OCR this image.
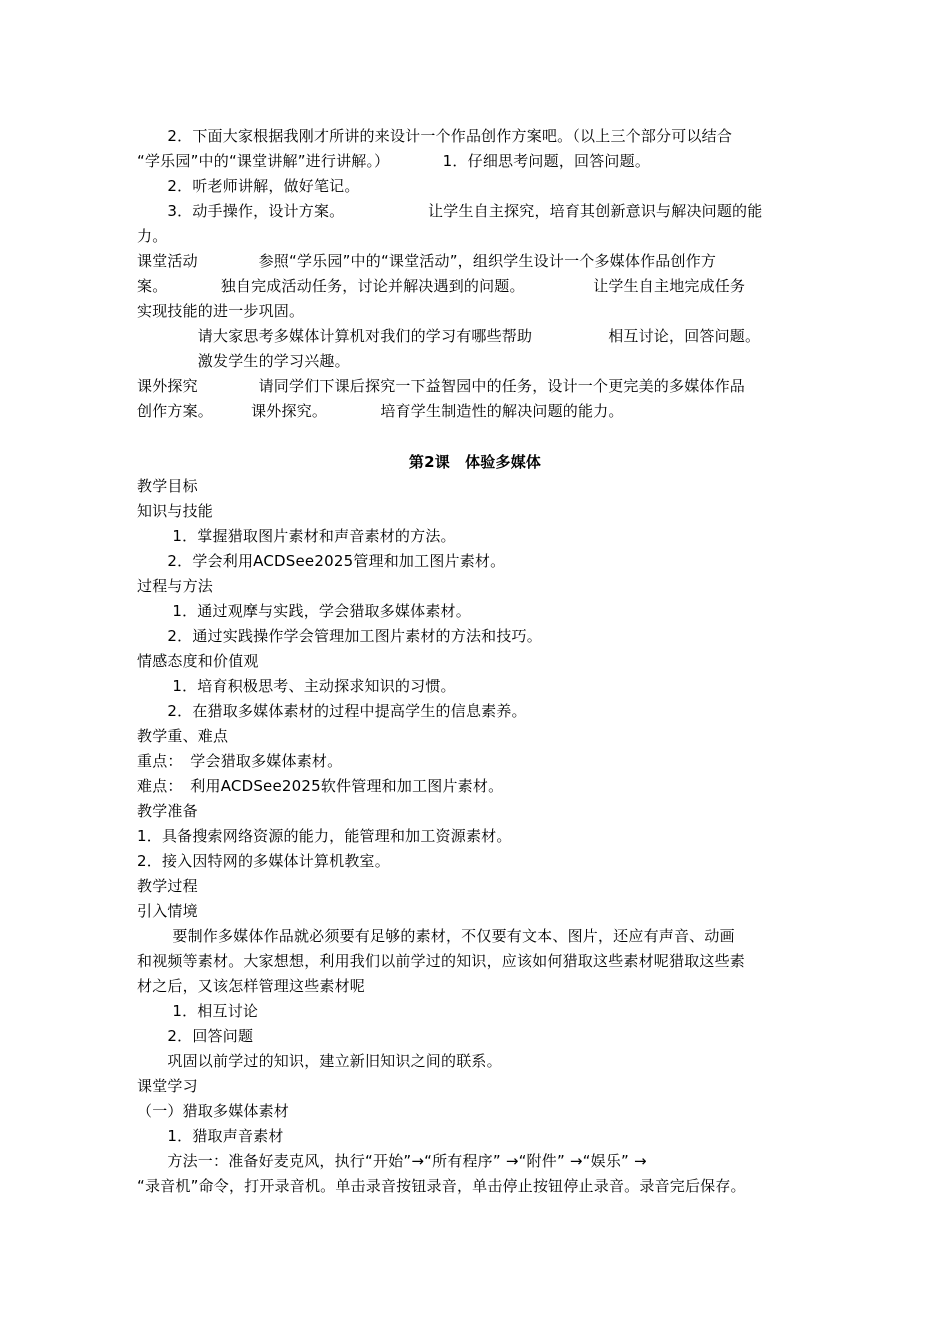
　　2．下面大家根据我刚才所讲的来设计一个作品创作方案吧。（以上三个部分可以结合
“学乐园”中的“课堂讲解”进行讲解。）　　　　1．仔细思考问题，回答问题。
　　2．听老师讲解，做好笔记。
　　3．动手操作，设计方案。　　　　　　让学生自主探究，培育其创新意识与解决问题的能
力。
课堂活动　　　　参照“学乐园”中的“课堂活动”，组织学生设计一个多媒体作品创作方
案。　　　　独自完成活动任务，讨论并解决遇到的问题。　　　　　让学生自主地完成任务
实现技能的进一步巩固。
　　　　请大家思考多媒体计算机对我们的学习有哪些帮助　　　　　相互讨论，回答问题。
　　　　激发学生的学习兴趣。
课外探究　　　　请同学们下课后探究一下益智园中的任务，设计一个更完美的多媒体作品
创作方案。　　　课外探究。　　　　培育学生制造性的解决问题的能力。
第2课　体验多媒体
教学目标
知识与技能
　　 1．掌握猎取图片素材和声音素材的方法。
　　2．学会利用ACDSee2025管理和加工图片素材。
过程与方法
　　 1．通过观摩与实践，学会猎取多媒体素材。
　　2．通过实践操作学会管理加工图片素材的方法和技巧。
情感态度和价值观
　　 1．培育积极思考、主动探求知识的习惯。
　　2．在猎取多媒体素材的过程中提高学生的信息素养。
教学重、难点
重点：　学会猎取多媒体素材。
难点：　利用ACDSee2025软件管理和加工图片素材。
教学准备
1．具备搜索网络资源的能力，能管理和加工资源素材。
2．接入因特网的多媒体计算机教室。
教学过程
引入情境
　　 要制作多媒体作品就必须要有足够的素材，不仅要有文本、图片，还应有声音、动画
和视频等素材。大家想想，利用我们以前学过的知识，应该如何猎取这些素材呢猎取这些素
材之后，又该怎样管理这些素材呢
　　 1．相互讨论
　　2．回答问题
　　巩固以前学过的知识，建立新旧知识之间的联系。
课堂学习
（一）猎取多媒体素材
　　1．猎取声音素材
　　方法一：准备好麦克风，执行“开始”→“所有程序” →“附件” →“娱乐” →
“录音机”命令，打开录音机。单击录音按钮录音，单击停止按钮停止录音。录音完后保存。
